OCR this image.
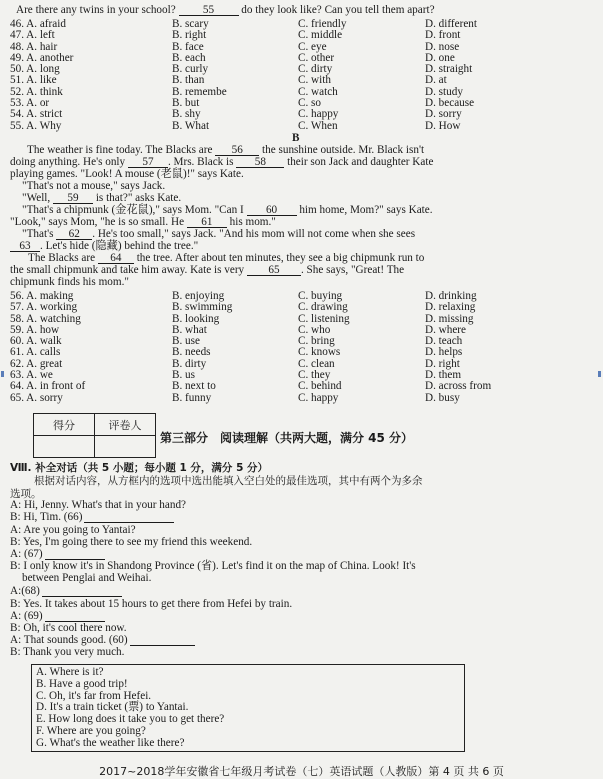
Are there any twins in your school? 55 do they look like? Can you tell them apart?
46. A. afraid	B. scary	C. friendly	D. different
47. A. left	B. right	C. middle	D. front
48. A. hair	B. face	C. eye	D. nose
49. A. another	B. each	C. other	D. one
50. A. long	B. curly	C. dirty	D. straight
51. A. like	B. than	C. with	D. at
52. A. think	B. remembe	C. watch	D. study
53. A. or	B. but	C. so	D. because
54. A. strict	B. shy	C. happy	D. sorry
55. A. Why	B. What	C. When	D. How
B
The weather is fine today. The Blacks are 56 the sunshine outside. Mr. Black isn't
doing anything. He's only 57 . Mrs. Black is 58 their son Jack and daughter Kate
playing games. "Look! A mouse (老鼠)!" says Kate.
"That's not a mouse," says Jack.
"Well, 59 is that?" asks Kate.
"That's a chipmunk (金花鼠)," says Mom. "Can I 60 him home, Mom?" says Kate.
"Look," says Mom, "he is so small. He 61 his mom."
"That's 62 . He's too small," says Jack. "And his mom will not come when she sees
63 . Let's hide (隐藏) behind the tree."
The Blacks are 64 the tree. After about ten minutes, they see a big chipmunk run to
the small chipmunk and take him away. Kate is very 65 . She says, "Great! The
chipmunk finds his mom."
56. A. making	B. enjoying	C. buying	D. drinking
57. A. working	B. swimming	C. drawing	D. relaxing
58. A. watching	B. looking	C. listening	D. missing
59. A. how	B. what	C. who	D. where
60. A. walk	B. use	C. bring	D. teach
61. A. calls	B. needs	C. knows	D. helps
62. A. great	B. dirty	C. clean	D. right
63. A. we	B. us	C. they	D. them
64. A. in front of	B. next to	C. behind	D. across from
65. A. sorry	B. funny	C. happy	D. busy
得分	评卷人

第三部分　阅读理解（共两大题，满分 45 分）
Ⅷ. 补全对话（共 5 小题；每小题 1 分，满分 5 分）
根据对话内容，从方框内的选项中选出能填入空白处的最佳选项，其中有两个为多余
选项。
A: Hi, Jenny. What's that in your hand?
B: Hi, Tim. (66)
A: Are you going to Yantai?
B: Yes, I'm going there to see my friend this weekend.
A: (67)
B: I only know it's in Shandong Province (省). Let's find it on the map of China. Look! It's
between Penglai and Weihai.
A:(68)
B: Yes. It takes about 15 hours to get there from Hefei by train.
A: (69)
B: Oh, it's cool there now.
A: That sounds good. (60)
B: Thank you very much.
A. Where is it?
B. Have a good trip!
C. Oh, it's far from Hefei.
D. It's a train ticket (票) to Yantai.
E. How long does it take you to get there?
F. Where are you going?
G. What's the weather like there?
2017~2018学年安徽省七年级月考试卷（七）英语试题（人教版）第 4 页 共 6 页
